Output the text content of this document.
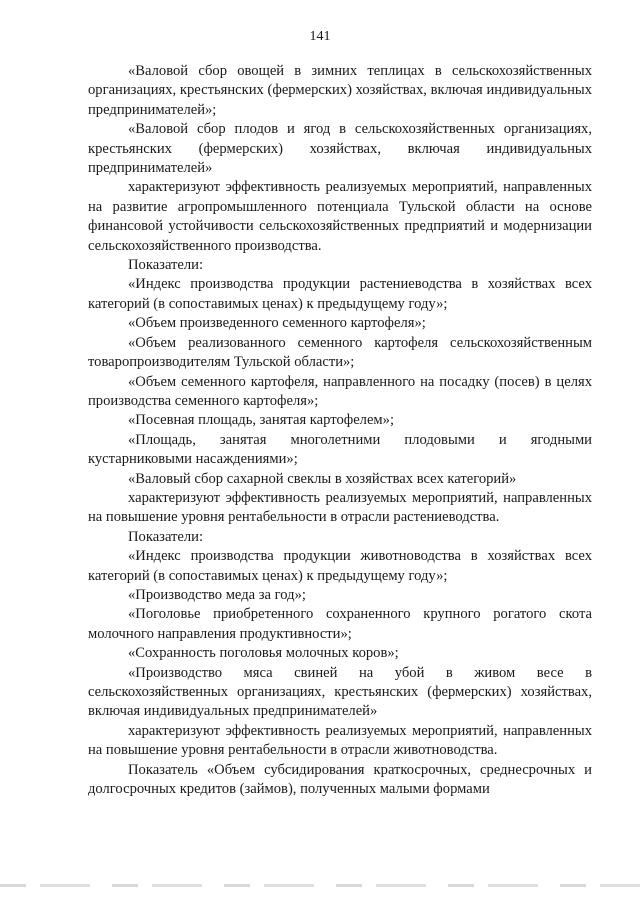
141

«Валовой сбор овощей в зимних теплицах в сельскохозяйственных организациях, крестьянских (фермерских) хозяйствах, включая индивидуальных предпринимателей»;

«Валовой сбор плодов и ягод в сельскохозяйственных организациях, крестьянских (фермерских) хозяйствах, включая индивидуальных предпринимателей»

характеризуют эффективность реализуемых мероприятий, направленных на развитие агропромышленного потенциала Тульской области на основе финансовой устойчивости сельскохозяйственных предприятий и модернизации сельскохозяйственного производства.

Показатели:

«Индекс производства продукции растениеводства в хозяйствах всех категорий (в сопоставимых ценах) к предыдущему году»;

«Объем произведенного семенного картофеля»;

«Объем реализованного семенного картофеля сельскохозяйственным товаропроизводителям Тульской области»;

«Объем семенного картофеля, направленного на посадку (посев) в целях производства семенного картофеля»;

«Посевная площадь, занятая картофелем»;

«Площадь, занятая многолетними плодовыми и ягодными кустарниковыми насаждениями»;

«Валовый сбор сахарной свеклы в хозяйствах всех категорий»

характеризуют эффективность реализуемых мероприятий, направленных на повышение уровня рентабельности в отрасли растениеводства.

Показатели:

«Индекс производства продукции животноводства в хозяйствах всех категорий (в сопоставимых ценах) к предыдущему году»;

«Производство меда за год»;

«Поголовье приобретенного сохраненного крупного рогатого скота молочного направления продуктивности»;

«Сохранность поголовья молочных коров»;

«Производство мяса свиней на убой в живом весе в сельскохозяйственных организациях, крестьянских (фермерских) хозяйствах, включая индивидуальных предпринимателей»

характеризуют эффективность реализуемых мероприятий, направленных на повышение уровня рентабельности в отрасли животноводства.

Показатель «Объем субсидирования краткосрочных, среднесрочных и долгосрочных кредитов (займов), полученных малыми формами
